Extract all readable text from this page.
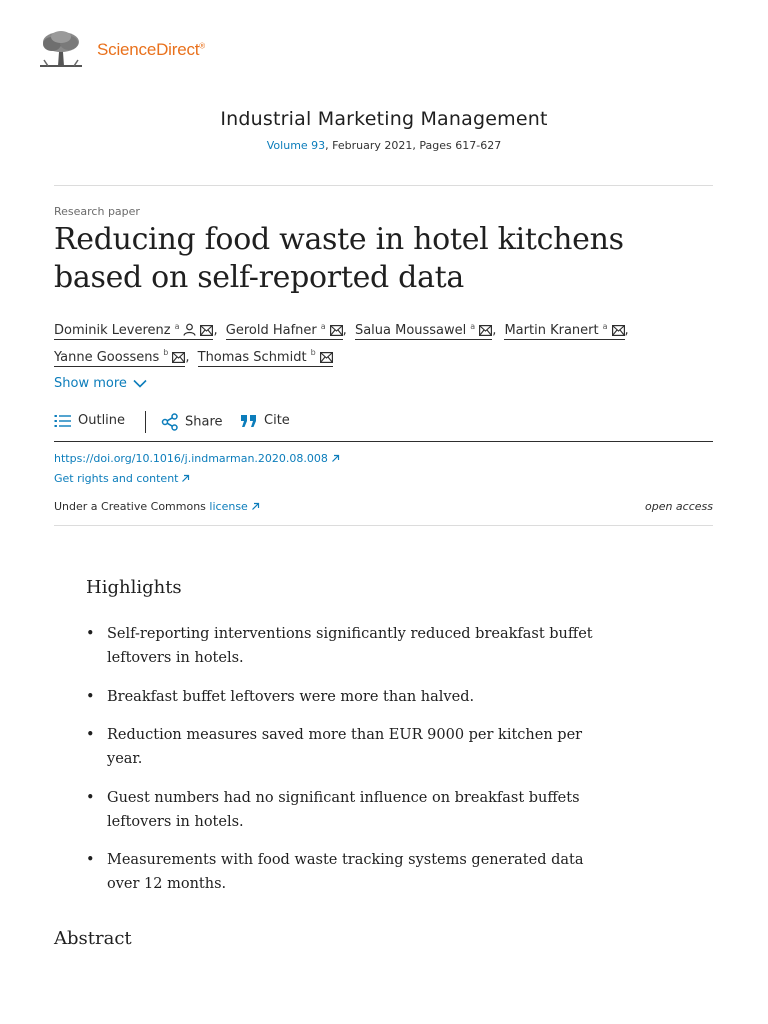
ScienceDirect®
Industrial Marketing Management
Volume 93, February 2021, Pages 617-627
Research paper
Reducing food waste in hotel kitchens based on self-reported data
Dominik Leverenz $^a$	, Gerold Hafner $^a$ , Salua Moussawel $^a$ , Martin Kranert $^a$ ,
Yanne Goossens $^b$ , Thomas Schmidt $^b$
Show more
Outline	Share	Cite
https://doi.org/10.1016/j.indmarman.2020.08.008
Get rights and content
Under a Creative Commons license	open access
Highlights
• Self-reporting interventions significantly reduced breakfast buffet leftovers in hotels.
• Breakfast buffet leftovers were more than halved.
• Reduction measures saved more than EUR 9000 per kitchen per year.
• Guest numbers had no significant influence on breakfast buffets leftovers in hotels.
• Measurements with food waste tracking systems generated data over 12 months.
Abstract
